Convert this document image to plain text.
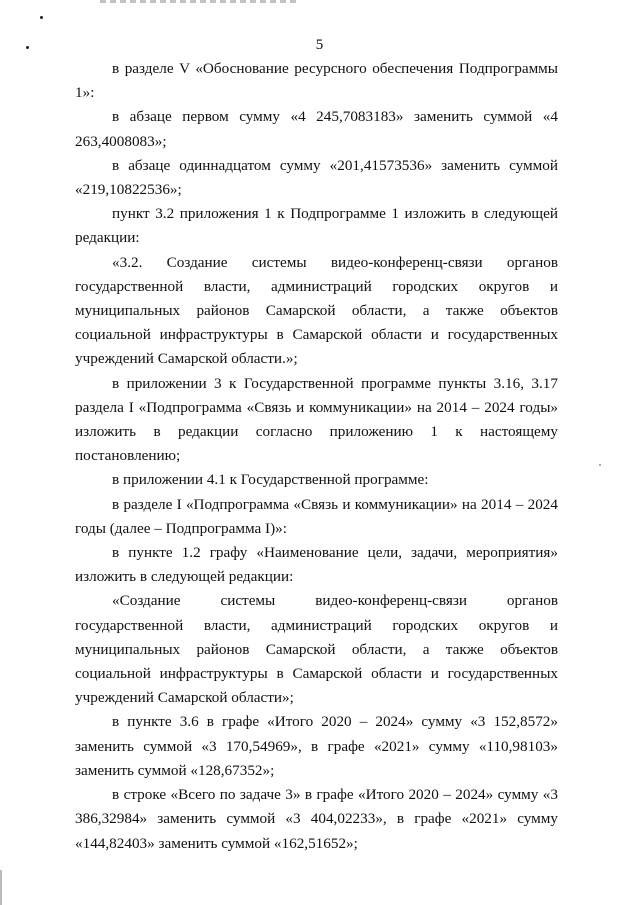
5

в разделе V «Обоснование ресурсного обеспечения Подпрограммы 1»:

в абзаце первом сумму «4 245,7083183» заменить суммой «4 263,4008083»;

в абзаце одиннадцатом сумму «201,41573536» заменить суммой «219,10822536»;

пункт 3.2 приложения 1 к Подпрограмме 1 изложить в следующей редакции:

«3.2. Создание системы видео-конференц-связи органов государственной власти, администраций городских округов и муниципальных районов Самарской области, а также объектов социальной инфраструктуры в Самарской области и государственных учреждений Самарской области.»;

в приложении 3 к Государственной программе пункты 3.16, 3.17 раздела I «Подпрограмма «Связь и коммуникации» на 2014 – 2024 годы» изложить в редакции согласно приложению 1 к настоящему постановлению;

в приложении 4.1 к Государственной программе:

в разделе I «Подпрограмма «Связь и коммуникации» на 2014 – 2024 годы (далее – Подпрограмма I)»:

в пункте 1.2 графу «Наименование цели, задачи, мероприятия» изложить в следующей редакции:

«Создание системы видео-конференц-связи органов государственной власти, администраций городских округов и муниципальных районов Самарской области, а также объектов социальной инфраструктуры в Самарской области и государственных учреждений Самарской области»;

в пункте 3.6 в графе «Итого 2020 – 2024» сумму «3 152,8572» заменить суммой «3 170,54969», в графе «2021» сумму «110,98103» заменить суммой «128,67352»;

в строке «Всего по задаче 3» в графе «Итого 2020 – 2024» сумму «3 386,32984» заменить суммой «3 404,02233», в графе «2021» сумму «144,82403» заменить суммой «162,51652»;
